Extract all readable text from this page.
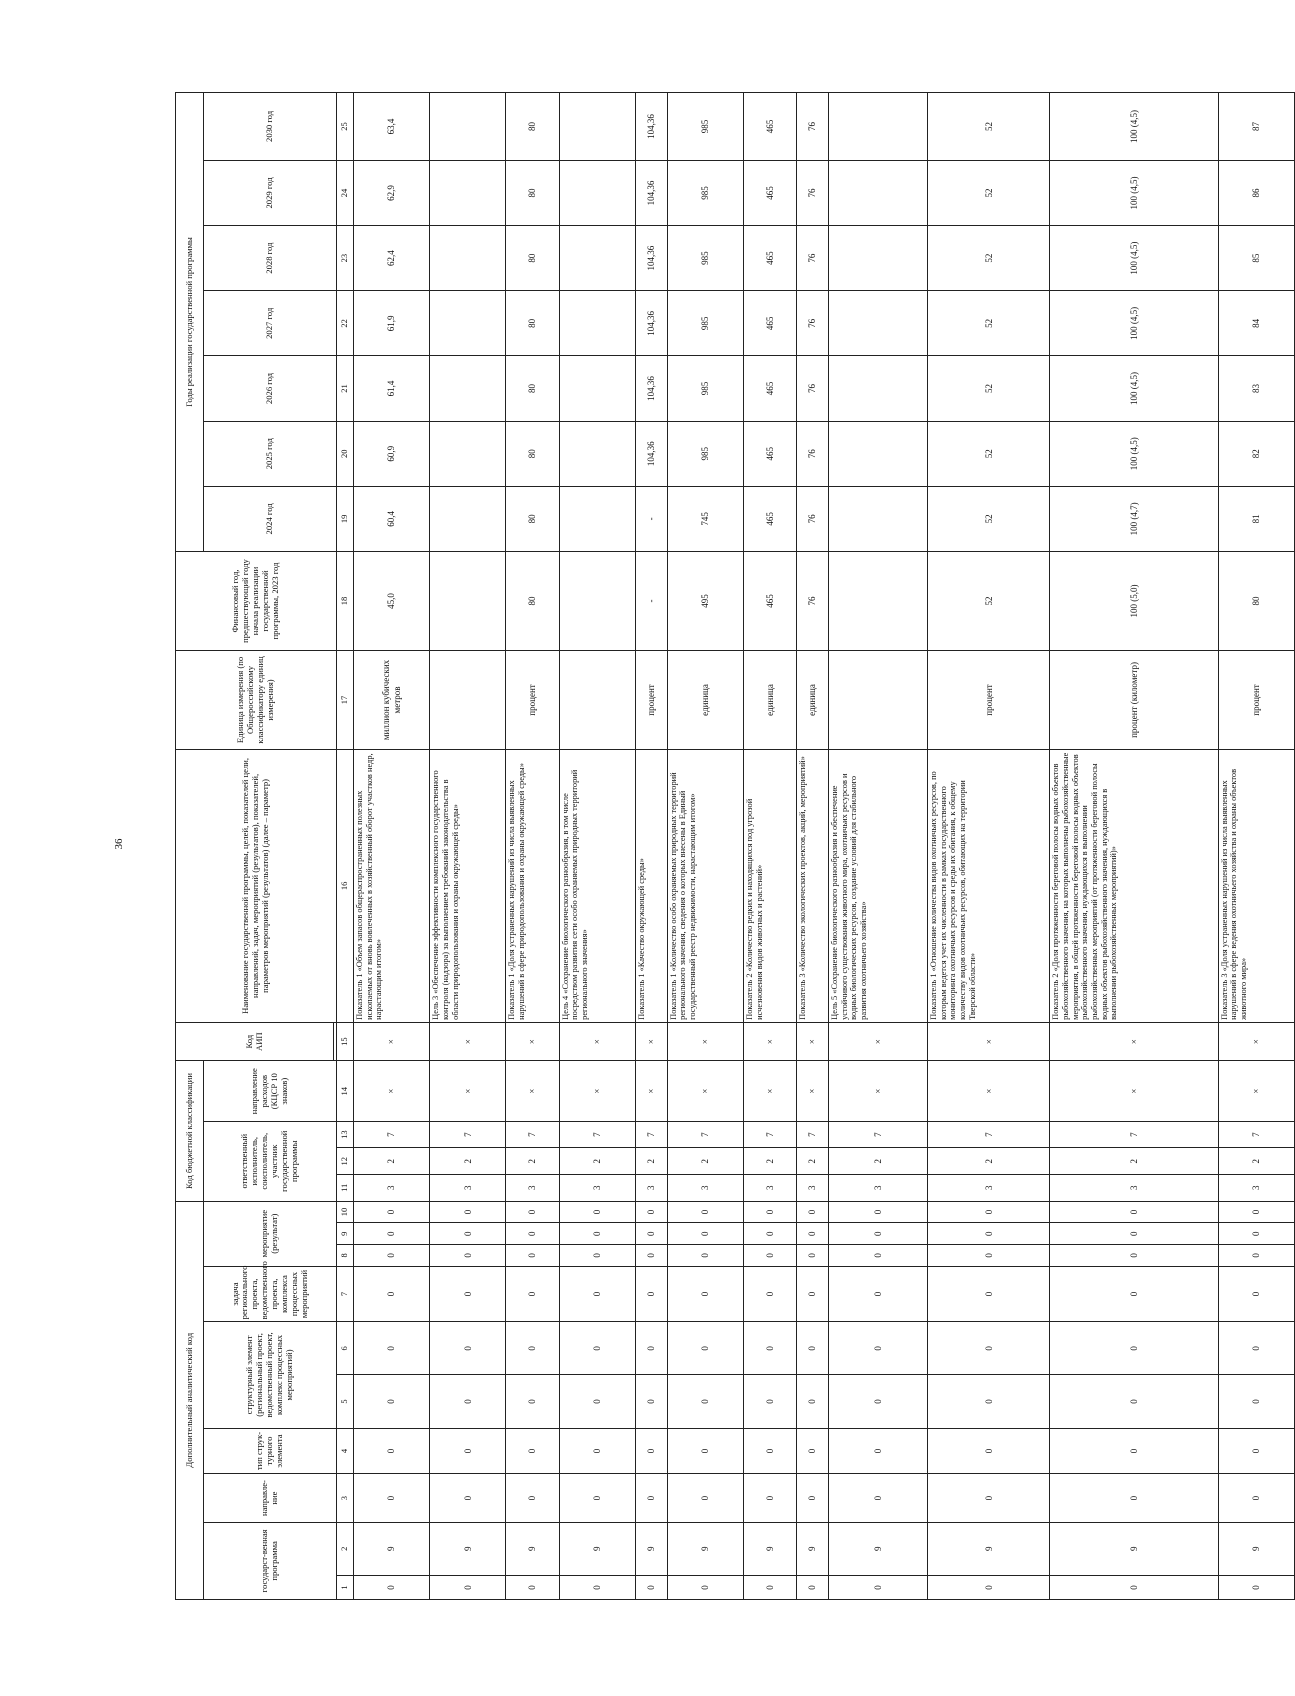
36
Дополнительный аналитический код										Код бюджетной классификации				Код АИП	Наименование государственной программы, целей, показателей цели, направлений, задач, мероприятий (результатов), показателей, параметров мероприятий (результатов) (далее – параметр)	Единица измерения (по Общероссийскому классификатору единиц измерения)	Финансовый год, предшествующий году начала реализации государственной программы, 2023 год	Годы реализации государственной программы						
государст-венная программа		направле-ние	тип струк-турного элемента	структурный элемент (региональный проект, ведомственный проект, комплекс процессных мероприятий)		задача регионального проекта, ведомственного проекта, комплекса процессных мероприятий	мероприятие (результат)			ответственный исполнитель, соисполнитель, участник государственной программы			направление расходов (КЦСР 10 знаков)					2024 год	2025 год	2026 год	2027 год	2028 год	2029 год	2030 год

1	2	3	4	5	6	7	8	9	10	11	12	13	14	15	16	17	18	19	20	21	22	23	24	25
0	9	0	0	0	0	0	0	0	0	3	2	7	×	×	Показатель 1 «Объем запасов общераспространенных полезных ископаемых от вновь вовлеченных в хозяйственный оборот участков недр, нарастающим итогом»	миллион кубических метров	45,0	60,4	60,9	61,4	61,9	62,4	62,9	63,4
0	9	0	0	0	0	0	0	0	0	3	2	7	×	×	Цель 3 «Обеспечение эффективности комплексного государственного контроля (надзора) за выполнением требований законодательства в области природопользования и охраны окружающей среды»									
0	9	0	0	0	0	0	0	0	0	3	2	7	×	×	Показатель 1 «Доля устраненных нарушений из числа выявленных нарушений в сфере природопользования и охраны окружающей среды»	процент	80	80	80	80	80	80	80	80
0	9	0	0	0	0	0	0	0	0	3	2	7	×	×	Цель 4 «Сохранение биологического разнообразия, в том числе посредством развития сети особо охраняемых природных территорий регионального значения»									
0	9	0	0	0	0	0	0	0	0	3	2	7	×	×	Показатель 1 «Качество окружающей среды»	процент	-	-	104,36	104,36	104,36	104,36	104,36	104,36
0	9	0	0	0	0	0	0	0	0	3	2	7	×	×	Показатель 1 «Количество особо охраняемых природных территорий регионального значения, сведения о которых внесены в Единый государственный реестр недвижимости, нарастающим итогом»	единица	495	745	985	985	985	985	985	985
0	9	0	0	0	0	0	0	0	0	3	2	7	×	×	Показатель 2 «Количество редких и находящихся под угрозой исчезновения видов животных и растений»	единица	465	465	465	465	465	465	465	465
0	9	0	0	0	0	0	0	0	0	3	2	7	×	×	Показатель 3 «Количество экологических проектов, акций, мероприятий»	единица	76	76	76	76	76	76	76	76
0	9	0	0	0	0	0	0	0	0	3	2	7	×	×	Цель 5 «Сохранение биологического разнообразия и обеспечение устойчивого существования животного мира, охотничьих ресурсов и водных биологических ресурсов, создание условий для стабильного развития охотничьего хозяйства»									
0	9	0	0	0	0	0	0	0	0	3	2	7	×	×	Показатель 1 «Отношение количества видов охотничьих ресурсов, по которым ведется учет их численности в рамках государственного мониторинга охотничьих ресурсов и среды их обитания, к общему количеству видов охотничьих ресурсов, обитающих на территории Тверской области»	процент	52	52	52	52	52	52	52	52
0	9	0	0	0	0	0	0	0	0	3	2	7	×	×	Показатель 2 «Доля протяженности береговой полосы водных объектов рыбохозяйственного значения, на которых выполнены рыбохозяйственные мероприятия, в общей протяженности береговой полосы водных объектов рыбохозяйственного значения, нуждающихся в выполнении рыбохозяйственных мероприятий (от протяженности береговой полосы водных объектов рыбохозяйственного значения, нуждающихся в выполнении рыбохозяйственных мероприятий)»	процент (километр)	100 (5,0)	100 (4,7)	100 (4,5)	100 (4,5)	100 (4,5)	100 (4,5)	100 (4,5)	100 (4,5)
0	9	0	0	0	0	0	0	0	0	3	2	7	×	×	Показатель 3 «Доля устраненных нарушений из числа выявленных нарушений в сфере ведения охотничьего хозяйства и охраны объектов животного мира»	процент	80	81	82	83	84	85	86	87
